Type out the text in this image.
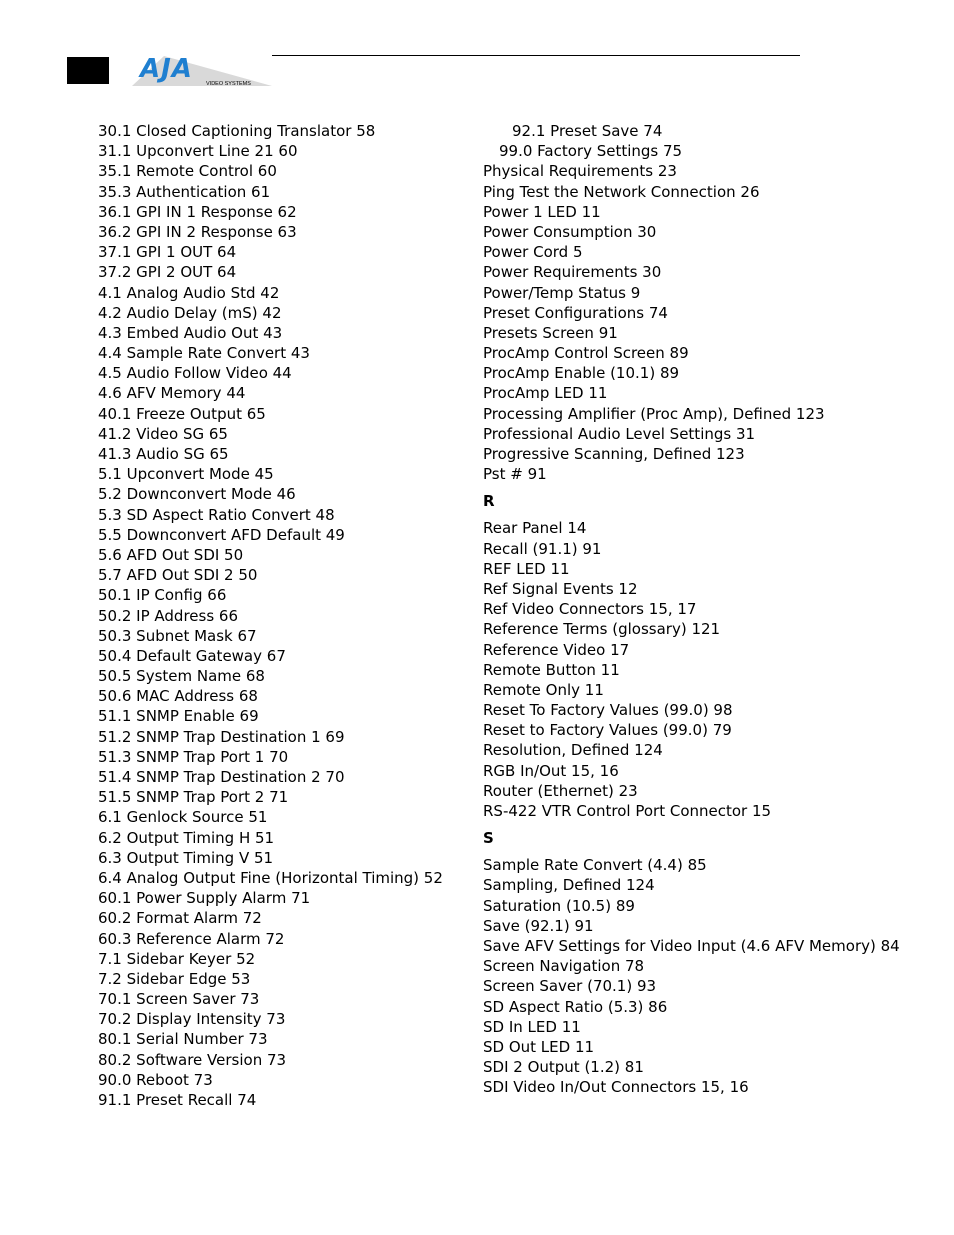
AJA VIDEO SYSTEMS
30.1 Closed Captioning Translator 58
31.1 Upconvert Line 21 60
35.1 Remote Control 60
35.3 Authentication 61
36.1 GPI IN 1 Response 62
36.2 GPI IN 2 Response 63
37.1 GPI 1 OUT 64
37.2 GPI 2 OUT 64
4.1 Analog Audio Std 42
4.2 Audio Delay (mS) 42
4.3 Embed Audio Out 43
4.4 Sample Rate Convert 43
4.5 Audio Follow Video 44
4.6 AFV Memory 44
40.1 Freeze Output 65
41.2 Video SG 65
41.3 Audio SG 65
5.1 Upconvert Mode 45
5.2 Downconvert Mode 46
5.3 SD Aspect Ratio Convert 48
5.5 Downconvert AFD Default 49
5.6 AFD Out SDI 50
5.7 AFD Out SDI 2 50
50.1 IP Config 66
50.2 IP Address 66
50.3 Subnet Mask 67
50.4 Default Gateway 67
50.5 System Name 68
50.6 MAC Address 68
51.1 SNMP Enable 69
51.2 SNMP Trap Destination 1 69
51.3 SNMP Trap Port 1 70
51.4 SNMP Trap Destination 2 70
51.5 SNMP Trap Port 2 71
6.1 Genlock Source 51
6.2 Output Timing H 51
6.3 Output Timing V 51
6.4 Analog Output Fine (Horizontal Timing) 52
60.1 Power Supply Alarm 71
60.2 Format Alarm 72
60.3 Reference Alarm 72
7.1 Sidebar Keyer 52
7.2 Sidebar Edge 53
70.1 Screen Saver 73
70.2 Display Intensity 73
80.1 Serial Number 73
80.2 Software Version 73
90.0 Reboot 73
91.1 Preset Recall 74
92.1 Preset Save 74
99.0 Factory Settings 75
Physical Requirements 23
Ping Test the Network Connection 26
Power 1 LED 11
Power Consumption 30
Power Cord 5
Power Requirements 30
Power/Temp Status 9
Preset Configurations 74
Presets Screen 91
ProcAmp Control Screen 89
ProcAmp Enable (10.1) 89
ProcAmp LED 11
Processing Amplifier (Proc Amp), Defined 123
Professional Audio Level Settings 31
Progressive Scanning, Defined 123
Pst # 91
R
Rear Panel 14
Recall (91.1) 91
REF LED 11
Ref Signal Events 12
Ref Video Connectors 15, 17
Reference Terms (glossary) 121
Reference Video 17
Remote Button 11
Remote Only 11
Reset To Factory Values (99.0) 98
Reset to Factory Values (99.0) 79
Resolution, Defined 124
RGB In/Out 15, 16
Router (Ethernet) 23
RS-422 VTR Control Port Connector 15
S
Sample Rate Convert (4.4) 85
Sampling, Defined 124
Saturation (10.5) 89
Save (92.1) 91
Save AFV Settings for Video Input (4.6 AFV Memory) 84
Screen Navigation 78
Screen Saver (70.1) 93
SD Aspect Ratio (5.3) 86
SD In LED 11
SD Out LED 11
SDI 2 Output (1.2) 81
SDI Video In/Out Connectors 15, 16
